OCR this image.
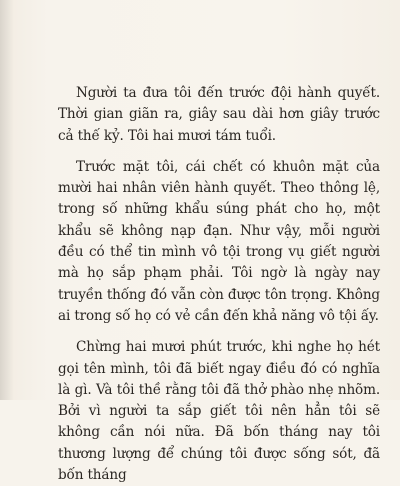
Người ta đưa tôi đến trước đội hành quyết. Thời gian giãn ra, giây sau dài hơn giây trước cả thế kỷ. Tôi hai mươi tám tuổi.

Trước mặt tôi, cái chết có khuôn mặt của mười hai nhân viên hành quyết. Theo thông lệ, trong số những khẩu súng phát cho họ, một khẩu sẽ không nạp đạn. Như vậy, mỗi người đều có thể tin mình vô tội trong vụ giết người mà họ sắp phạm phải. Tôi ngờ là ngày nay truyền thống đó vẫn còn được tôn trọng. Không ai trong số họ có vẻ cần đến khả năng vô tội ấy.

Chừng hai mươi phút trước, khi nghe họ hét gọi tên mình, tôi đã biết ngay điều đó có nghĩa là gì. Và tôi thề rằng tôi đã thở phào nhẹ nhõm. Bởi vì người ta sắp giết tôi nên hẳn tôi sẽ không cần nói nữa. Đã bốn tháng nay tôi thương lượng để chúng tôi được sống sót, đã bốn tháng
